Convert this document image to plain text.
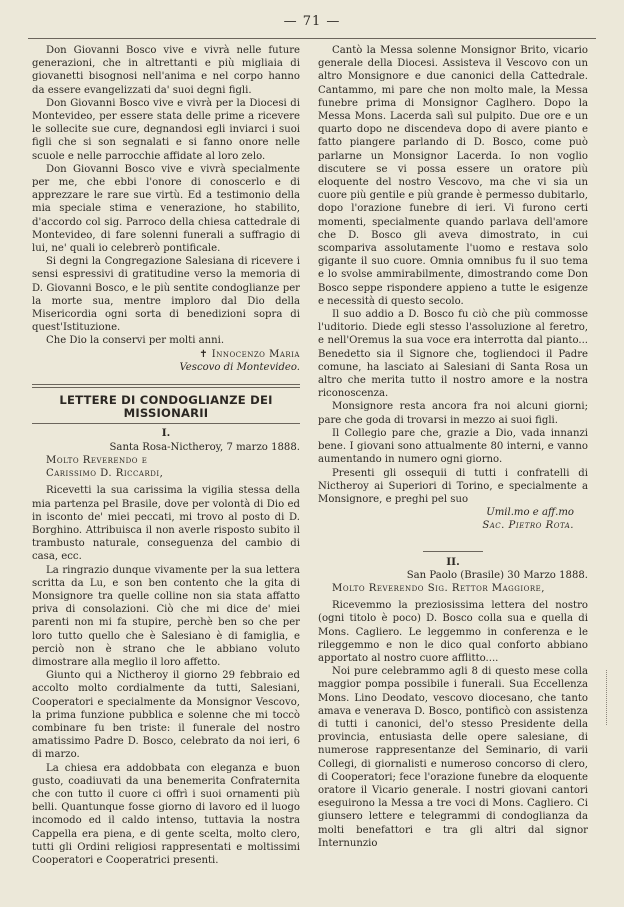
— 71 —

Don Giovanni Bosco vive e vivrà nelle future generazioni, che in altrettanti e più migliaia di giovanetti bisognosi nell'anima e nel corpo hanno da essere evangelizzati da' suoi degni figli.

Don Giovanni Bosco vive e vivrà per la Diocesi di Montevideo, per essere stata delle prime a ricevere le sollecite sue cure, degnandosi egli inviarci i suoi figli che si son segnalati e si fanno onore nelle scuole e nelle parrocchie affidate al loro zelo.

Don Giovanni Bosco vive e vivrà specialmente per me, che ebbi l'onore di conoscerlo e di apprezzare le rare sue virtù. Ed a testimonio della mia speciale stima e venerazione, ho stabilito, d'accordo col sig. Parroco della chiesa cattedrale di Montevideo, di fare solenni funerali a suffragio di lui, ne' quali io celebrerò pontificale.

Si degni la Congregazione Salesiana di ricevere i sensi espressivi di gratitudine verso la memoria di D. Giovanni Bosco, e le più sentite condoglianze per la morte sua, mentre imploro dal Dio della Misericordia ogni sorta di benedizioni sopra di quest'Istituzione.

Che Dio la conservi per molti anni.

✝ Innocenzo Maria

Vescovo di Montevideo.

LETTERE DI CONDOGLIANZE DEI MISSIONARII
I.

Santa Rosa-Nictheroy, 7 marzo 1888.

Molto Reverendo e

Carissimo D. Riccardi,

Ricevetti la sua carissima la vigilia stessa della mia partenza pel Brasile, dove per volontà di Dio ed in isconto de' miei peccati, mi trovo al posto di D. Borghino. Attribuisca il non averle risposto subito il trambusto naturale, conseguenza del cambio di casa, ecc.

La ringrazio dunque vivamente per la sua lettera scritta da Lu, e son ben contento che la gita di Monsignore tra quelle colline non sia stata affatto priva di consolazioni. Ciò che mi dice de' miei parenti non mi fa stupire, perchè ben so che per loro tutto quello che è Salesiano è di famiglia, e perciò non è strano che le abbiano voluto dimostrare alla meglio il loro affetto.

Giunto qui a Nictheroy il giorno 29 febbraio ed accolto molto cordialmente da tutti, Salesiani, Cooperatori e specialmente da Monsignor Vescovo, la prima funzione pubblica e solenne che mi toccò combinare fu ben triste: il funerale del nostro amatissimo Padre D. Bosco, celebrato da noi ieri, 6 di marzo.

La chiesa era addobbata con eleganza e buon gusto, coadiuvati da una benemerita Confraternita che con tutto il cuore ci offrì i suoi ornamenti più belli. Quantunque fosse giorno di lavoro ed il luogo incomodo ed il caldo intenso, tuttavia la nostra Cappella era piena, e di gente scelta, molto clero, tutti gli Ordini religiosi rappresentati e moltissimi Cooperatori e Cooperatrici presenti.

Cantò la Messa solenne Monsignor Brito, vicario generale della Diocesi. Assisteva il Vescovo con un altro Monsignore e due canonici della Cattedrale. Cantammo, mi pare che non molto male, la Messa funebre prima di Monsignor Caglhero. Dopo la Messa Mons. Lacerda salì sul pulpito. Due ore e un quarto dopo ne discendeva dopo di avere pianto e fatto piangere parlando di D. Bosco, come può parlarne un Monsignor Lacerda. Io non voglio discutere se vi possa essere un oratore più eloquente del nostro Vescovo, ma che vi sia un cuore più gentile e più grande è permesso dubitarlo, dopo l'orazione funebre di ieri. Vi furono certi momenti, specialmente quando parlava dell'amore che D. Bosco gli aveva dimostrato, in cui scompariva assolutamente l'uomo e restava solo gigante il suo cuore. Omnia omnibus fu il suo tema e lo svolse ammirabilmente, dimostrando come Don Bosco seppe rispondere appieno a tutte le esigenze e necessità di questo secolo.

Il suo addio a D. Bosco fu ciò che più commosse l'uditorio. Diede egli stesso l'assoluzione al feretro, e nell'Oremus la sua voce era interrotta dal pianto... Benedetto sia il Signore che, togliendoci il Padre comune, ha lasciato ai Salesiani di Santa Rosa un altro che merita tutto il nostro amore e la nostra riconoscenza.

Monsignore resta ancora fra noi alcuni giorni; pare che goda di trovarsi in mezzo ai suoi figli.

Il Collegio pare che, grazie a Dio, vada innanzi bene. I giovani sono attualmente 80 interni, e vanno aumentando in numero ogni giorno.

Presenti gli ossequii di tutti i confratelli di Nictheroy ai Superiori di Torino, e specialmente a Monsignore, e preghi pel suo

Umil.mo e aff.mo

Sac. Pietro Rota.

II.

San Paolo (Brasile) 30 Marzo 1888.

Molto Reverendo Sig. Rettor Maggiore,

Ricevemmo la preziosissima lettera del nostro (ogni titolo è poco) D. Bosco colla sua e quella di Mons. Cagliero. Le leggemmo in conferenza e le rileggemmo e non le dico qual conforto abbiano apportato al nostro cuore afflitto....

Noi pure celebrammo agli 8 di questo mese colla maggior pompa possibile i funerali. Sua Eccellenza Mons. Lino Deodato, vescovo diocesano, che tanto amava e venerava D. Bosco, pontificò con assistenza di tutti i canonici, del'o stesso Presidente della provincia, entusiasta delle opere salesiane, di numerose rappresentanze del Seminario, di varii Collegi, di giornalisti e numeroso concorso di clero, di Cooperatori; fece l'orazione funebre da eloquente oratore il Vicario generale. I nostri giovani cantori eseguirono la Messa a tre voci di Mons. Cagliero. Ci giunsero lettere e telegrammi di condoglianza da molti benefattori e tra gli altri dal signor Internunzio
